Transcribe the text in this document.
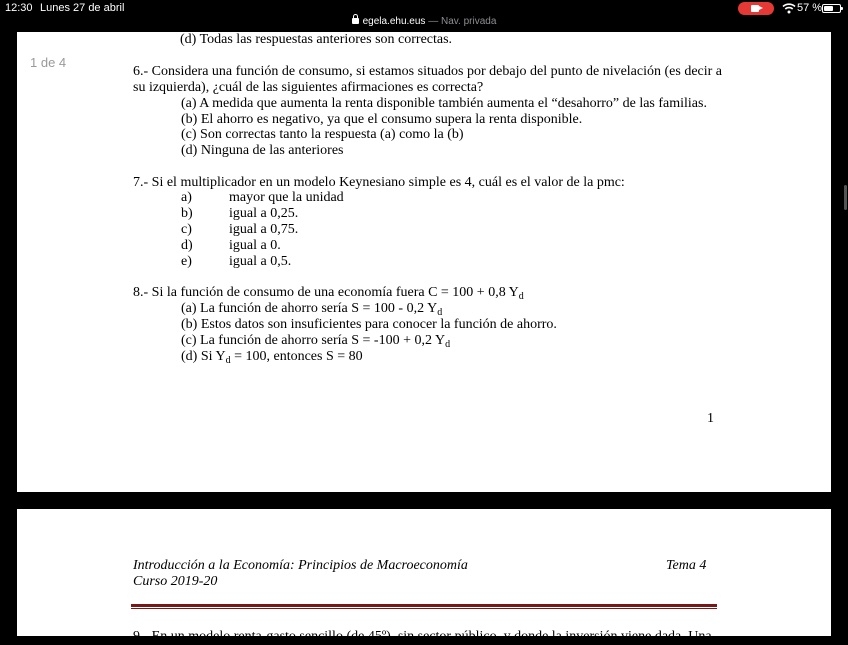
12:30 Lunes 27 de abril	57 %
egela.ehu.eus — Nav. privada
(d) Todas las respuestas anteriores son correctas.
6.- Considera una función de consumo, si estamos situados por debajo del punto de nivelación (es decir a
su izquierda), ¿cuál de las siguientes afirmaciones es correcta?
(a) A medida que aumenta la renta disponible también aumenta el “desahorro” de las familias.
(b) El ahorro es negativo, ya que el consumo supera la renta disponible.
(c) Son correctas tanto la respuesta (a) como la (b)
(d) Ninguna de las anteriores
7.- Si el multiplicador en un modelo Keynesiano simple es 4, cuál es el valor de la pmc:
a)	mayor que la unidad
b)	igual a 0,25.
c)	igual a 0,75.
d)	igual a 0.
e)	igual a 0,5.
8.- Si la función de consumo de una economía fuera C = 100 + 0,8 $Y_d$
(a) La función de ahorro sería S = 100 - 0,2 $Y_d$
(b) Estos datos son insuficientes para conocer la función de ahorro.
(c) La función de ahorro sería S = -100 + 0,2 $Y_d$
(d) Si $Y_d = 100$, entonces S = 80
1
1 de 4
Introducción a la Economía: Principios de Macroeconomía
Curso 2019-20
Tema 4
9.- En un modelo renta-gasto sencillo (de 45º), sin sector público, y donde la inversión viene dada. Una
